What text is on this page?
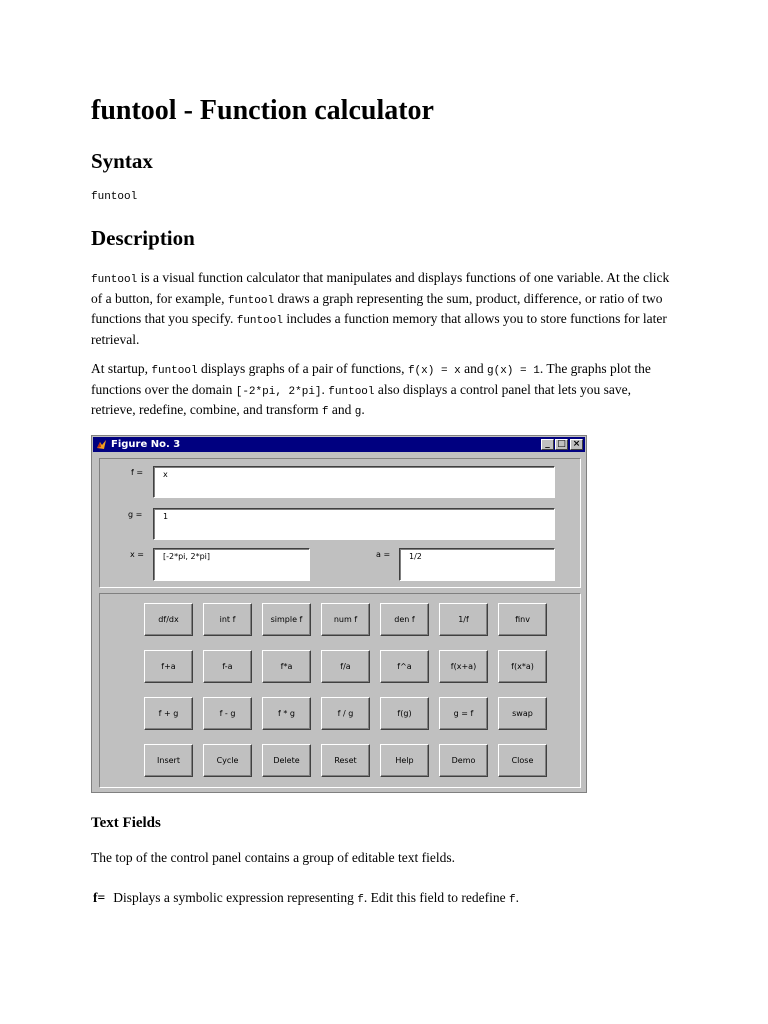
funtool - Function calculator
Syntax
funtool
Description

funtool is a visual function calculator that manipulates and displays functions of one variable. At the click of a button, for example, funtool draws a graph representing the sum, product, difference, or ratio of two functions that you specify. funtool includes a function memory that allows you to store functions for later retrieval.

At startup, funtool displays graphs of a pair of functions, f(x) = x and g(x) = 1. The graphs plot the functions over the domain [-2*pi, 2*pi]. funtool also displays a control panel that lets you save, retrieve, redefine, combine, and transform f and g.

Figure No. 3	_ □ ×
f =	x
g =	1
x =	[-2*pi, 2*pi]	a =	1/2
df/dx	int f	simple f	num f	den f	1/f	finv
f+a	f-a	f*a	f/a	f^a	f(x+a)	f(x*a)
f + g	f - g	f * g	f / g	f(g)	g = f	swap
Insert	Cycle	Delete	Reset	Help	Demo	Close
Text Fields

The top of the control panel contains a group of editable text fields.

f= Displays a symbolic expression representing f. Edit this field to redefine f.
